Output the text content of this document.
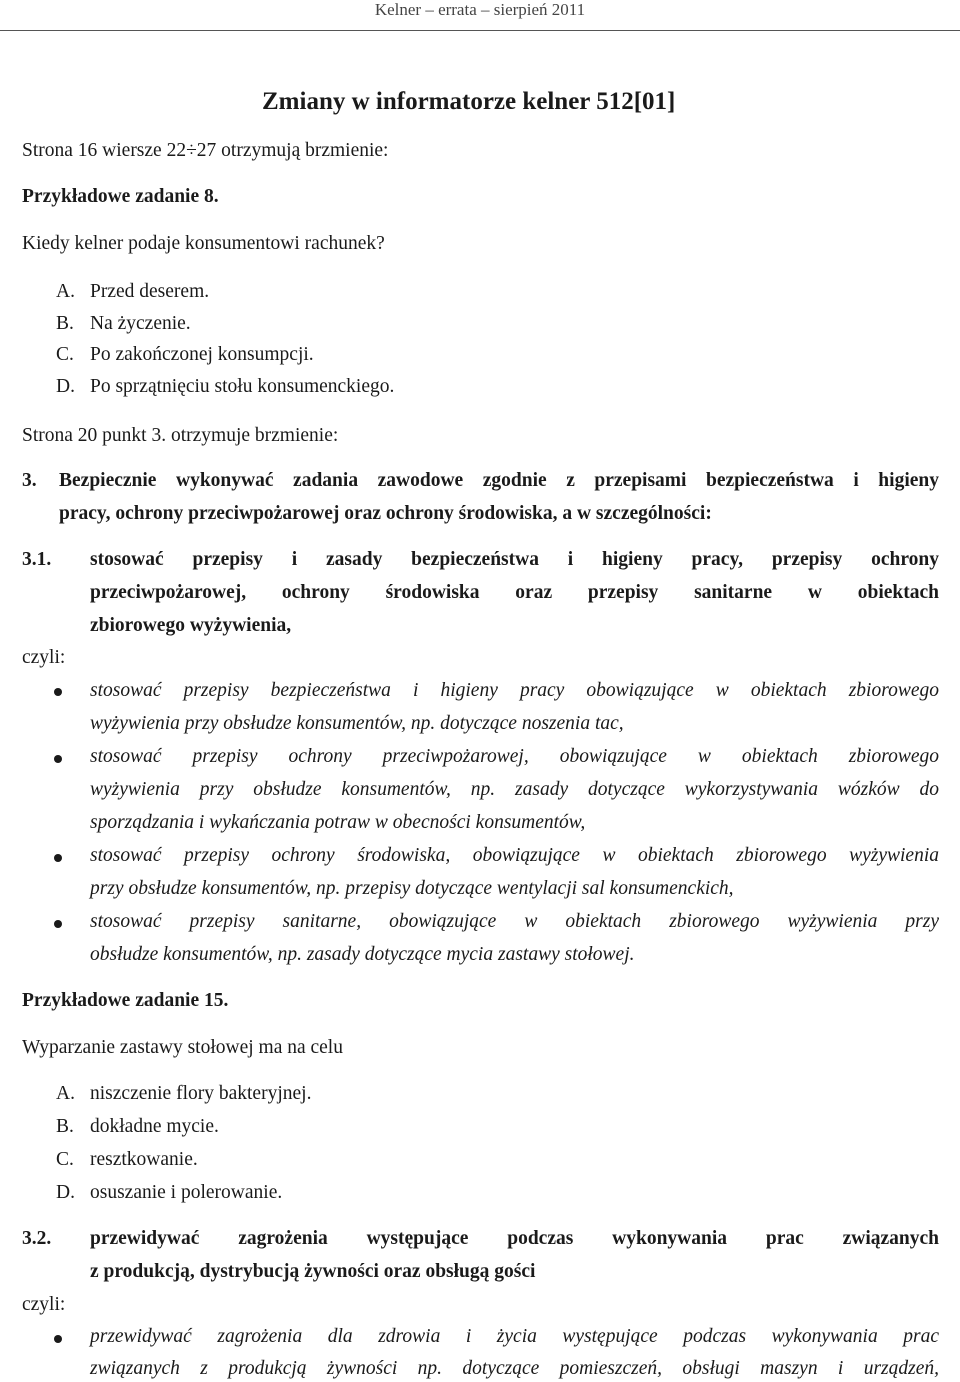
Kelner – errata – sierpień 2011
Zmiany w informatorze kelner 512[01]
Strona 16 wiersze 22÷27 otrzymują brzmienie:
Przykładowe zadanie 8.
Kiedy kelner podaje konsumentowi rachunek?
A. Przed deserem.
B. Na życzenie.
C. Po zakończonej konsumpcji.
D. Po sprzątnięciu stołu konsumenckiego.
Strona 20 punkt 3. otrzymuje brzmienie:
3. Bezpiecznie wykonywać zadania zawodowe zgodnie z przepisami bezpieczeństwa i higieny
pracy, ochrony przeciwpożarowej oraz ochrony środowiska, a w szczególności:
3.1. stosować przepisy i zasady bezpieczeństwa i higieny pracy, przepisy ochrony
przeciwpożarowej, ochrony środowiska oraz przepisy sanitarne w obiektach
zbiorowego wyżywienia,
czyli:
stosować przepisy bezpieczeństwa i higieny pracy obowiązujące w obiektach zbiorowego
wyżywienia przy obsłudze konsumentów, np. dotyczące noszenia tac,
stosować przepisy ochrony przeciwpożarowej, obowiązujące w obiektach zbiorowego
wyżywienia przy obsłudze konsumentów, np. zasady dotyczące wykorzystywania wózków do
sporządzania i wykańczania potraw w obecności konsumentów,
stosować przepisy ochrony środowiska, obowiązujące w obiektach zbiorowego wyżywienia
przy obsłudze konsumentów, np. przepisy dotyczące wentylacji sal konsumenckich,
stosować przepisy sanitarne, obowiązujące w obiektach zbiorowego wyżywienia przy
obsłudze konsumentów, np. zasady dotyczące mycia zastawy stołowej.
Przykładowe zadanie 15.
Wyparzanie zastawy stołowej ma na celu
A. niszczenie flory bakteryjnej.
B. dokładne mycie.
C. resztkowanie.
D. osuszanie i polerowanie.
3.2. przewidywać zagrożenia występujące podczas wykonywania prac związanych
z produkcją, dystrybucją żywności oraz obsługą gości
czyli:
przewidywać zagrożenia dla zdrowia i życia występujące podczas wykonywania prac
związanych z produkcją żywności np. dotyczące pomieszczeń, obsługi maszyn i urządzeń,
